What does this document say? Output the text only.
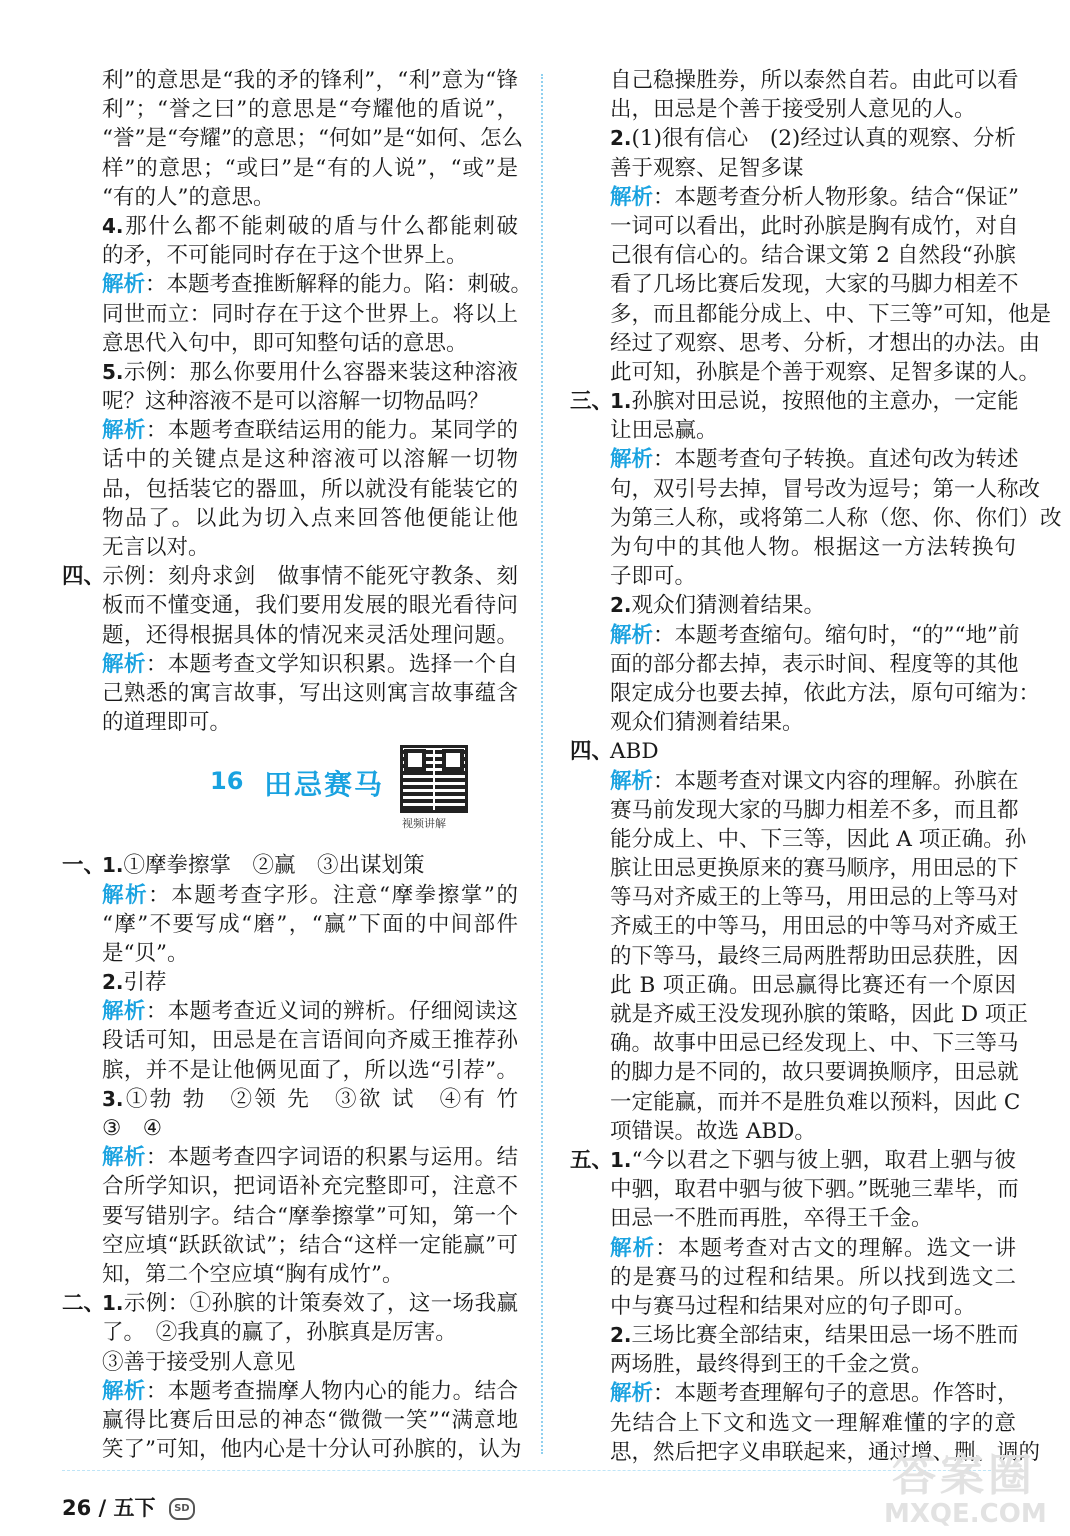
利”的意思是“我的矛的锋利”，“利”意为“锋
利”；“誉之曰”的意思是“夸耀他的盾说”，
“誉”是“夸耀”的意思；“何如”是“如何、怎么
样”的意思；“或曰”是“有的人说”，“或”是
“有的人”的意思。
4.那什么都不能刺破的盾与什么都能刺破
的矛，不可能同时存在于这个世界上。
解析：本题考查推断解释的能力。陷：刺破。
同世而立：同时存在于这个世界上。将以上
意思代入句中，即可知整句话的意思。
5.示例：那么你要用什么容器来装这种溶液
呢？这种溶液不是可以溶解一切物品吗？
解析：本题考查联结运用的能力。某同学的
话中的关键点是这种溶液可以溶解一切物
品，包括装它的器皿，所以就没有能装它的
物品了。以此为切入点来回答他便能让他
无言以对。
四、示例：刻舟求剑　做事情不能死守教条、刻
板而不懂变通，我们要用发展的眼光看待问
题，还得根据具体的情况来灵活处理问题。
解析：本题考查文学知识积累。选择一个自
己熟悉的寓言故事，写出这则寓言故事蕴含
的道理即可。
16 田忌赛马
视频讲解
一、1.①摩拳擦掌　②赢　③出谋划策
解析：本题考查字形。注意“摩拳擦掌”的
“摩”不要写成“磨”，“赢”下面的中间部件
是“贝”。
2.引荐
解析：本题考查近义词的辨析。仔细阅读这
段话可知，田忌是在言语间向齐威王推荐孙
膑，并不是让他俩见面了，所以选“引荐”。
3.①勃 勃　②领 先　③欲 试　④有 竹
③　④
解析：本题考查四字词语的积累与运用。结
合所学知识，把词语补充完整即可，注意不
要写错别字。结合“摩拳擦掌”可知，第一个
空应填“跃跃欲试”；结合“这样一定能赢”可
知，第二个空应填“胸有成竹”。
二、1.示例：①孙膑的计策奏效了，这一场我赢
了。　②我真的赢了，孙膑真是厉害。
③善于接受别人意见
解析：本题考查揣摩人物内心的能力。结合
赢得比赛后田忌的神态“微微一笑”“满意地
笑了”可知，他内心是十分认可孙膑的，认为
自己稳操胜券，所以泰然自若。由此可以看
出，田忌是个善于接受别人意见的人。
2.(1)很有信心　(2)经过认真的观察、分析
善于观察、足智多谋
解析：本题考查分析人物形象。结合“保证”
一词可以看出，此时孙膑是胸有成竹，对自
己很有信心的。结合课文第 2 自然段“孙膑
看了几场比赛后发现，大家的马脚力相差不
多，而且都能分成上、中、下三等”可知，他是
经过了观察、思考、分析，才想出的办法。由
此可知，孙膑是个善于观察、足智多谋的人。
三、1.孙膑对田忌说，按照他的主意办，一定能
让田忌赢。
解析：本题考查句子转换。直述句改为转述
句，双引号去掉，冒号改为逗号；第一人称改
为第三人称，或将第二人称（您、你、你们）改
为句中的其他人物。根据这一方法转换句
子即可。
2.观众们猜测着结果。
解析：本题考查缩句。缩句时，“的”“地”前
面的部分都去掉，表示时间、程度等的其他
限定成分也要去掉，依此方法，原句可缩为：
观众们猜测着结果。
四、ABD
解析：本题考查对课文内容的理解。孙膑在
赛马前发现大家的马脚力相差不多，而且都
能分成上、中、下三等，因此 A 项正确。孙
膑让田忌更换原来的赛马顺序，用田忌的下
等马对齐威王的上等马，用田忌的上等马对
齐威王的中等马，用田忌的中等马对齐威王
的下等马，最终三局两胜帮助田忌获胜，因
此 B 项正确。田忌赢得比赛还有一个原因
就是齐威王没发现孙膑的策略，因此 D 项正
确。故事中田忌已经发现上、中、下三等马
的脚力是不同的，故只要调换顺序，田忌就
一定能赢，而并不是胜负难以预料，因此 C
项错误。故选 ABD。
五、1.“今以君之下驷与彼上驷，取君上驷与彼
中驷，取君中驷与彼下驷。”既驰三辈毕，而
田忌一不胜而再胜，卒得王千金。
解析：本题考查对古文的理解。选文一讲
的是赛马的过程和结果。所以找到选文二
中与赛马过程和结果对应的句子即可。
2.三场比赛全部结束，结果田忌一场不胜而
两场胜，最终得到王的千金之赏。
解析：本题考查理解句子的意思。作答时，
先结合上下文和选文一理解难懂的字的意
思，然后把字义串联起来，通过增、删、调的
26 / 五下 SD
答案圈
MXQE.COM
